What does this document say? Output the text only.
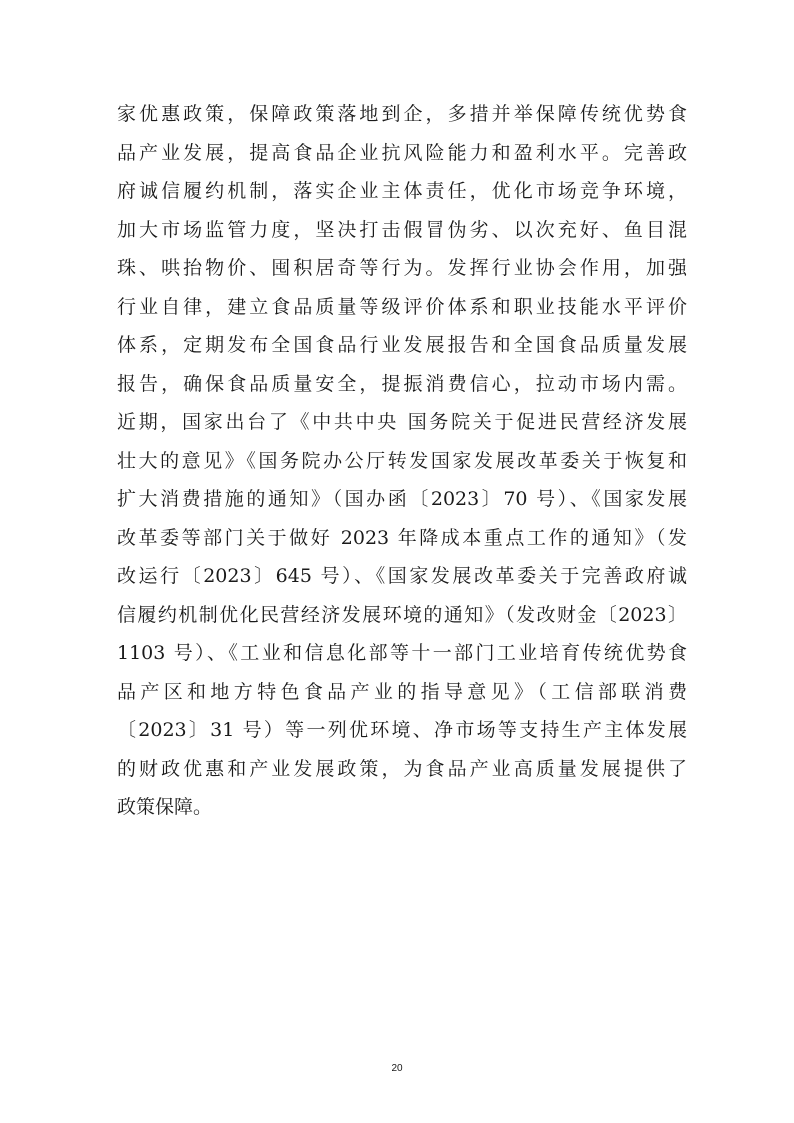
家优惠政策，保障政策落地到企，多措并举保障传统优势食
品产业发展，提高食品企业抗风险能力和盈利水平。完善政
府诚信履约机制，落实企业主体责任，优化市场竞争环境，
加大市场监管力度，坚决打击假冒伪劣、以次充好、鱼目混
珠、哄抬物价、囤积居奇等行为。发挥行业协会作用，加强
行业自律，建立食品质量等级评价体系和职业技能水平评价
体系，定期发布全国食品行业发展报告和全国食品质量发展
报告，确保食品质量安全，提振消费信心，拉动市场内需。
近期，国家出台了《中共中央 国务院关于促进民营经济发展
壮大的意见》《国务院办公厅转发国家发展改革委关于恢复和
扩大消费措施的通知》（国办函〔2023〕70 号）、《国家发展
改革委等部门关于做好 2023 年降成本重点工作的通知》（发
改运行〔2023〕645 号）、《国家发展改革委关于完善政府诚
信履约机制优化民营经济发展环境的通知》（发改财金〔2023〕
1103 号）、《工业和信息化部等十一部门工业培育传统优势食
品产区和地方特色食品产业的指导意见》（工信部联消费
〔2023〕31 号）等一列优环境、净市场等支持生产主体发展
的财政优惠和产业发展政策，为食品产业高质量发展提供了
政策保障。
20
